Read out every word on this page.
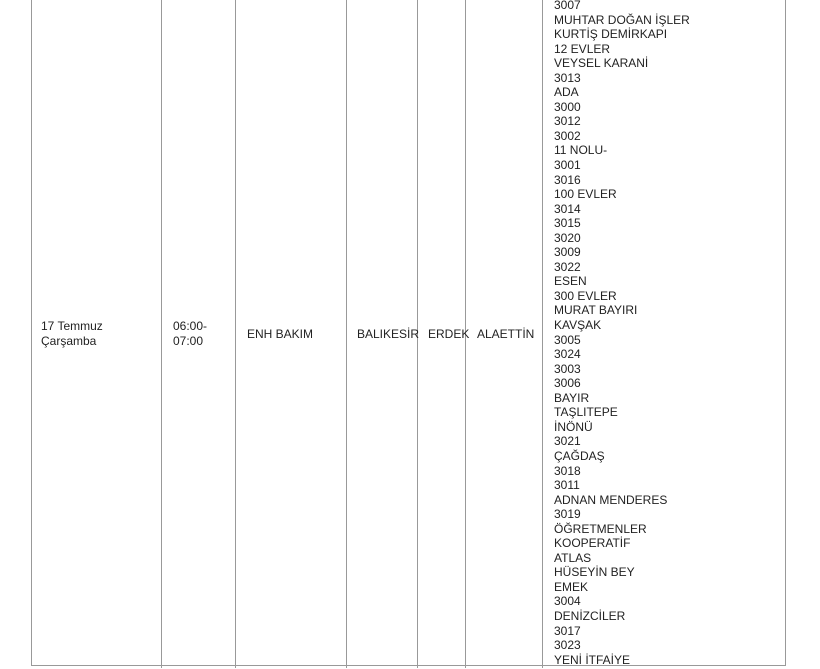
17 Temmuz
Çarşamba
06:00-
07:00	ENH BAKIM	BALIKESİR ERDEK ALAETTİN
3007
MUHTAR DOĞAN İŞLER
KURTİŞ DEMİRKAPI
12 EVLER
VEYSEL KARANİ
3013
ADA
3000
3012
3002
11 NOLU-
3001
3016
100 EVLER
3014
3015
3020
3009
3022
ESEN
300 EVLER
MURAT BAYIRI
KAVŞAK
3005
3024
3003
3006
BAYIR
TAŞLITEPE
İNÖNÜ
3021
ÇAĞDAŞ
3018
3011
ADNAN MENDERES
3019
ÖĞRETMENLER
KOOPERATİF
ATLAS
HÜSEYİN BEY
EMEK
3004
DENİZCİLER
3017
3023
YENİ İTFAİYE
